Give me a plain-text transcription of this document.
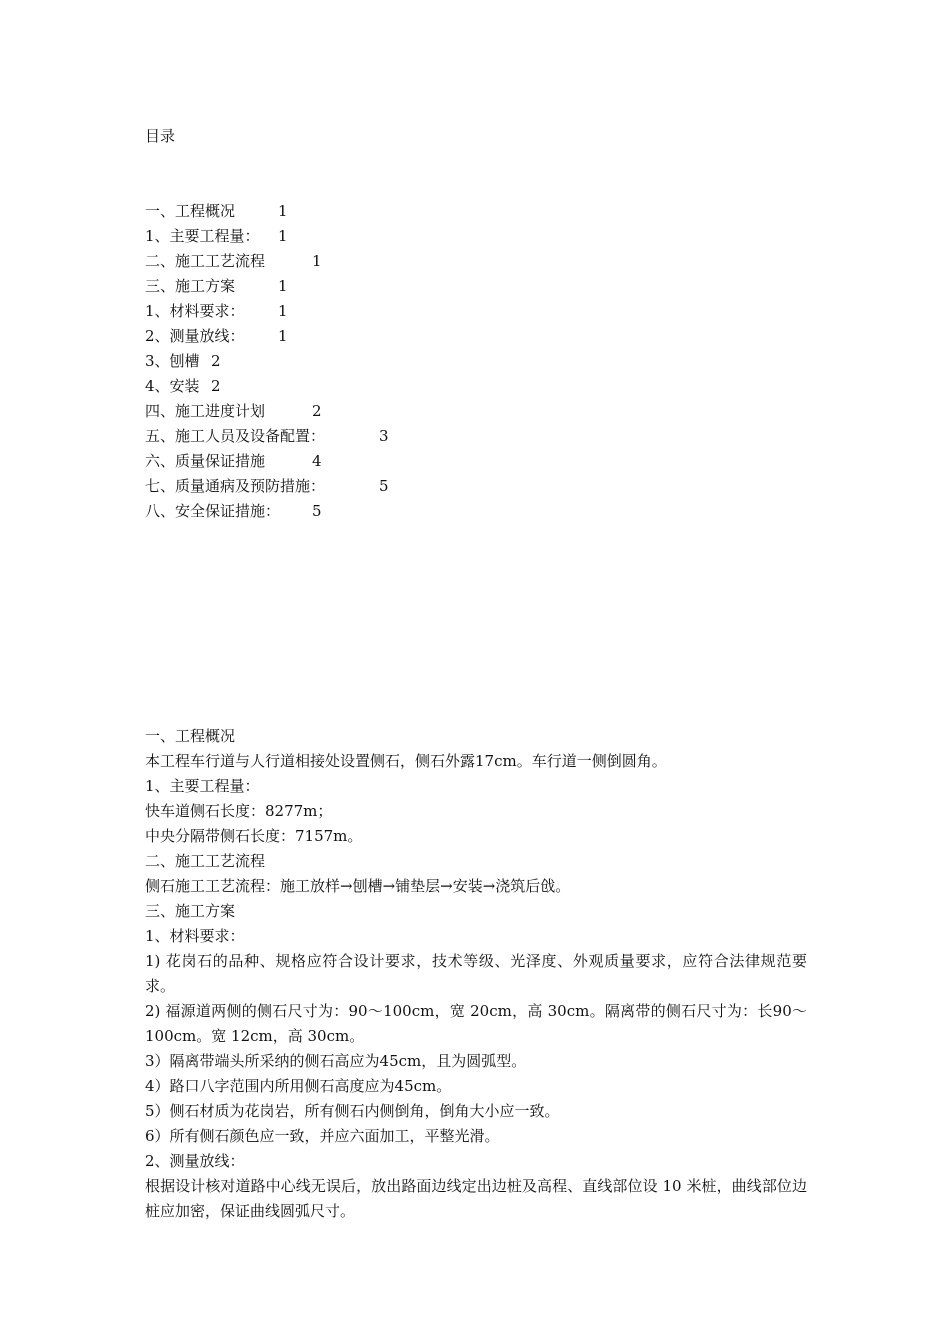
目录
一、工程概况	1
1、主要工程量： 1
二、施工工艺流程	1
三、施工方案	1
1、材料要求： 1
2、测量放线： 1
3、刨槽 2
4、安装 2
四、施工进度计划	2
五、施工人员及设备配置：	3
六、质量保证措施	4
七、质量通病及预防措施：	5
八、安全保证措施： 5

一、工程概况

本工程车行道与人行道相接处设置侧石，侧石外露17cm。车行道一侧倒圆角。

1、主要工程量：

快车道侧石长度：8277m；

中央分隔带侧石长度：7157m。

二、施工工艺流程

侧石施工工艺流程：施工放样→刨槽→铺垫层→安装→浇筑后戗。

三、施工方案

1、材料要求：

1) 花岗石的品种、规格应符合设计要求，技术等级、光泽度、外观质量要求，应符合法律规范要求。

2) 福源道两侧的侧石尺寸为：90～100cm，宽 20cm，高 30cm。隔离带的侧石尺寸为：长90～100cm。宽 12cm，高 30cm。

3）隔离带端头所采纳的侧石高应为45cm，且为圆弧型。

4）路口八字范围内所用侧石高度应为45cm。

5）侧石材质为花岗岩，所有侧石内侧倒角，倒角大小应一致。

6）所有侧石颜色应一致，并应六面加工，平整光滑。

2、测量放线：

根据设计核对道路中心线无误后，放出路面边线定出边桩及高程、直线部位设 10 米桩，曲线部位边桩应加密，保证曲线圆弧尺寸。
